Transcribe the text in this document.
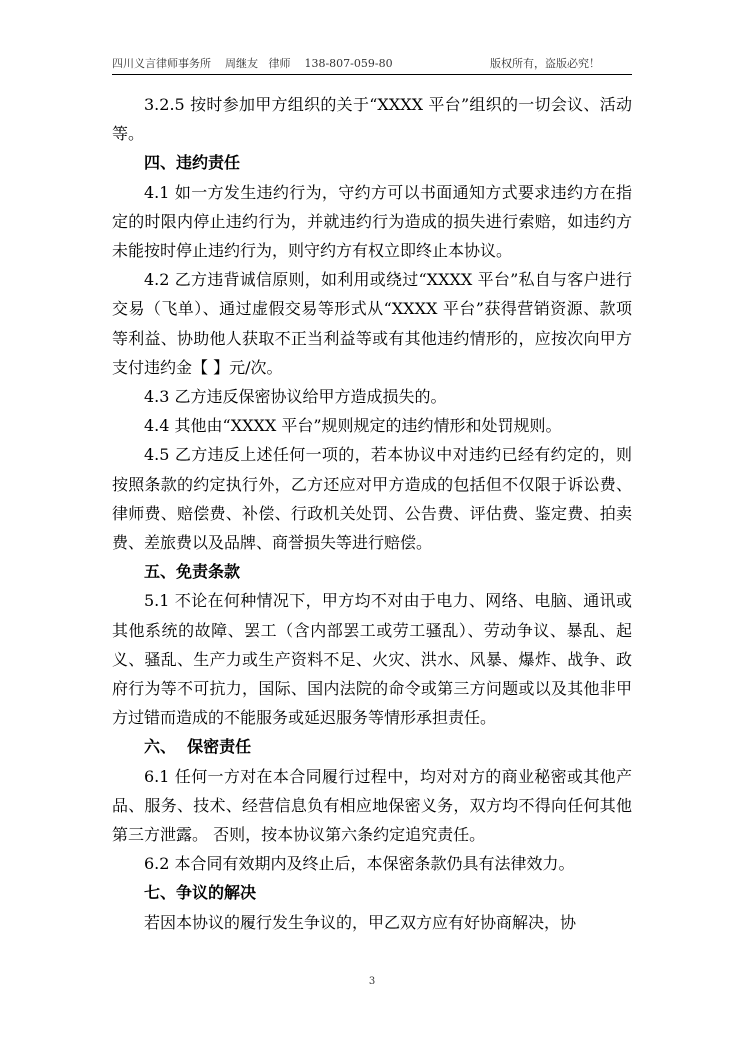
四川义言律师事务所    周继友   律师    138-807-059-80	版权所有，盗版必究！

3.2.5 按时参加甲方组织的关于“XXXX 平台”组织的一切会议、活动等。

四、违约责任

4.1 如一方发生违约行为，守约方可以书面通知方式要求违约方在指定的时限内停止违约行为，并就违约行为造成的损失进行索赔，如违约方未能按时停止违约行为，则守约方有权立即终止本协议。

4.2 乙方违背诚信原则，如利用或绕过“XXXX 平台”私自与客户进行交易（飞单）、通过虚假交易等形式从“XXXX 平台”获得营销资源、款项等利益、协助他人获取不正当利益等或有其他违约情形的，应按次向甲方支付违约金【 】元/次。

4.3 乙方违反保密协议给甲方造成损失的。

4.4 其他由“XXXX 平台”规则规定的违约情形和处罚规则。

4.5 乙方违反上述任何一项的，若本协议中对违约已经有约定的，则按照条款的约定执行外，乙方还应对甲方造成的包括但不仅限于诉讼费、律师费、赔偿费、补偿、行政机关处罚、公告费、评估费、鉴定费、拍卖费、差旅费以及品牌、商誉损失等进行赔偿。

五、免责条款

5.1 不论在何种情况下，甲方均不对由于电力、网络、电脑、通讯或其他系统的故障、罢工（含内部罢工或劳工骚乱）、劳动争议、暴乱、起义、骚乱、生产力或生产资料不足、火灾、洪水、风暴、爆炸、战争、政府行为等不可抗力，国际、国内法院的命令或第三方问题或以及其他非甲方过错而造成的不能服务或延迟服务等情形承担责任。

六、  保密责任

6.1 任何一方对在本合同履行过程中，均对对方的商业秘密或其他产品、服务、技术、经营信息负有相应地保密义务，双方均不得向任何其他第三方泄露。 否则，按本协议第六条约定追究责任。

6.2 本合同有效期内及终止后，本保密条款仍具有法律效力。

七、争议的解决

若因本协议的履行发生争议的，甲乙双方应有好协商解决，协

3
